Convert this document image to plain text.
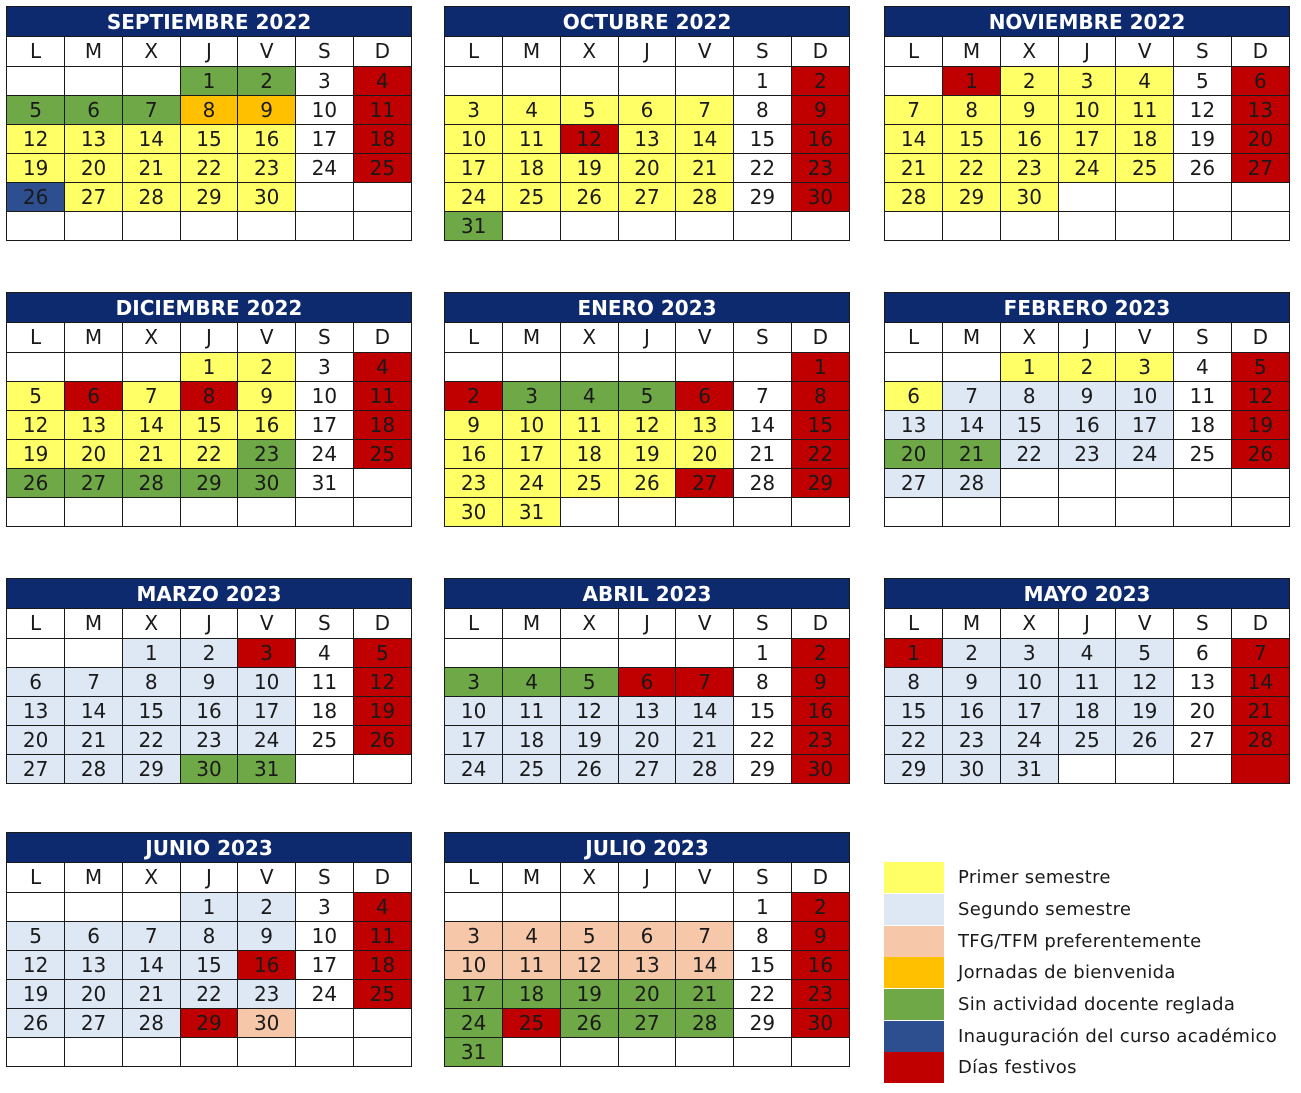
SEPTIEMBRE 2022
L	M	X	J	V	S	D
			1	2	3	4
5	6	7	8	9	10	11
12	13	14	15	16	17	18
19	20	21	22	23	24	25
26	27	28	29	30		

OCTUBRE 2022
L	M	X	J	V	S	D
					1	2
3	4	5	6	7	8	9
10	11	12	13	14	15	16
17	18	19	20	21	22	23
24	25	26	27	28	29	30
31						
NOVIEMBRE 2022
L	M	X	J	V	S	D
	1	2	3	4	5	6
7	8	9	10	11	12	13
14	15	16	17	18	19	20
21	22	23	24	25	26	27
28	29	30				

DICIEMBRE 2022
L	M	X	J	V	S	D
			1	2	3	4
5	6	7	8	9	10	11
12	13	14	15	16	17	18
19	20	21	22	23	24	25
26	27	28	29	30	31	

ENERO 2023
L	M	X	J	V	S	D
						1
2	3	4	5	6	7	8
9	10	11	12	13	14	15
16	17	18	19	20	21	22
23	24	25	26	27	28	29
30	31					
FEBRERO 2023
L	M	X	J	V	S	D
		1	2	3	4	5
6	7	8	9	10	11	12
13	14	15	16	17	18	19
20	21	22	23	24	25	26
27	28					

MARZO 2023
L	M	X	J	V	S	D
		1	2	3	4	5
6	7	8	9	10	11	12
13	14	15	16	17	18	19
20	21	22	23	24	25	26
27	28	29	30	31		
ABRIL 2023
L	M	X	J	V	S	D
					1	2
3	4	5	6	7	8	9
10	11	12	13	14	15	16
17	18	19	20	21	22	23
24	25	26	27	28	29	30
MAYO 2023
L	M	X	J	V	S	D
1	2	3	4	5	6	7
8	9	10	11	12	13	14
15	16	17	18	19	20	21
22	23	24	25	26	27	28
29	30	31				
JUNIO 2023
L	M	X	J	V	S	D
			1	2	3	4
5	6	7	8	9	10	11
12	13	14	15	16	17	18
19	20	21	22	23	24	25
26	27	28	29	30		

JULIO 2023
L	M	X	J	V	S	D
					1	2
3	4	5	6	7	8	9
10	11	12	13	14	15	16
17	18	19	20	21	22	23
24	25	26	27	28	29	30
31						
Primer semestre
Segundo semestre
TFG/TFM preferentemente
Jornadas de bienvenida
Sin actividad docente reglada
Inauguración del curso académico
Días festivos
